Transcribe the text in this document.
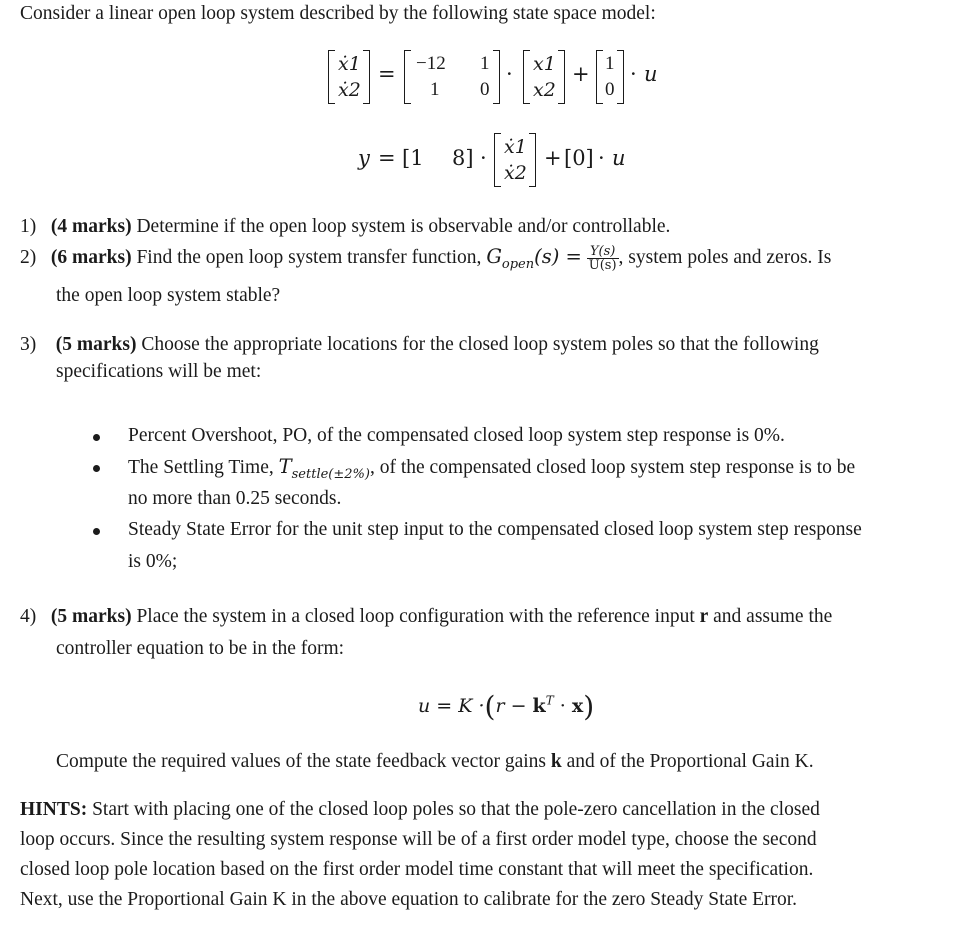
Consider a linear open loop system described by the following state space model:
ẋ1
ẋ2
= −12 1
1 0
· x1
x2
+ 1
0
· u
y = [1 8] · ẋ1
ẋ2
+ [0] · u
1) (4 marks) Determine if the open loop system is observable and/or controllable.
2) (6 marks) Find the open loop system transfer function, $G_{open}(s) = \frac{Y(s)}{U(s)}$ , system poles and zeros. Is
the open loop system stable?
3) (5 marks) Choose the appropriate locations for the closed loop system poles so that the following
specifications will be met:
Percent Overshoot, PO, of the compensated closed loop system step response is 0%.
The Settling Time, $T_{settle(\pm 2\%)}$, of the compensated closed loop system step response is to be
no more than 0.25 seconds.
Steady State Error for the unit step input to the compensated closed loop system step response
is 0%;
4) (5 marks) Place the system in a closed loop configuration with the reference input r and assume the
controller equation to be in the form:
$u = K \cdot(r - k^T \cdot x)$
Compute the required values of the state feedback vector gains k and of the Proportional Gain K.
HINTS: Start with placing one of the closed loop poles so that the pole-zero cancellation in the closed
loop occurs. Since the resulting system response will be of a first order model type, choose the second
closed loop pole location based on the first order model time constant that will meet the specification.
Next, use the Proportional Gain K in the above equation to calibrate for the zero Steady State Error.
